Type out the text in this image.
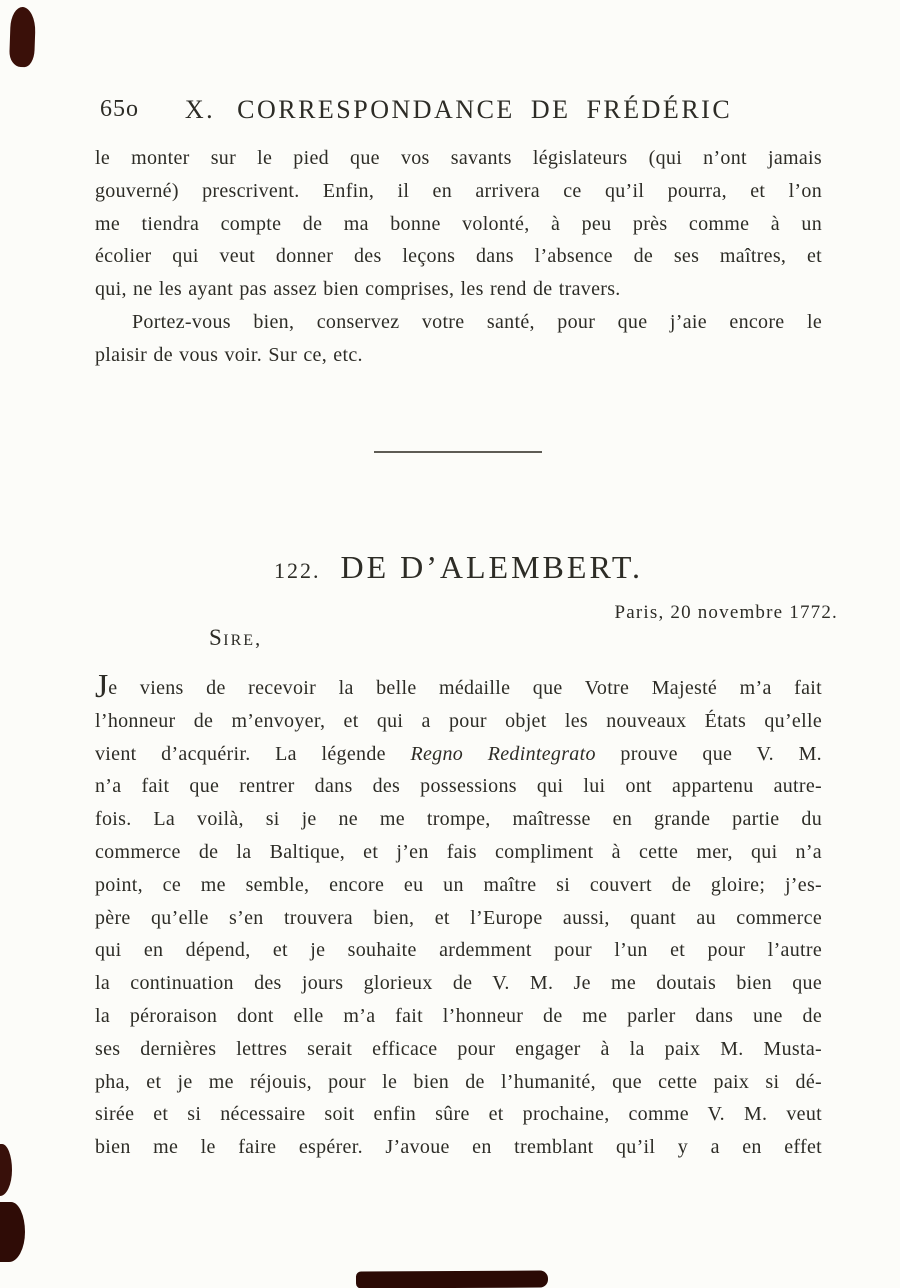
65o	X. CORRESPONDANCE DE FRÉDÉRIC
le monter sur le pied que vos savants législateurs (qui n’ont jamais
gouverné) prescrivent. Enfin, il en arrivera ce qu’il pourra, et l’on
me tiendra compte de ma bonne volonté, à peu près comme à un
écolier qui veut donner des leçons dans l’absence de ses maîtres, et
qui, ne les ayant pas assez bien comprises, les rend de travers.
Portez-vous bien, conservez votre santé, pour que j’aie encore le
plaisir de vous voir. Sur ce, etc.
122. DE D’ALEMBERT.
Paris, 20 novembre 1772.
SIRE,
Je viens de recevoir la belle médaille que Votre Majesté m’a fait
l’honneur de m’envoyer, et qui a pour objet les nouveaux États qu’elle
vient d’acquérir. La légende Regno Redintegrato prouve que V. M.
n’a fait que rentrer dans des possessions qui lui ont appartenu autre-
fois. La voilà, si je ne me trompe, maîtresse en grande partie du
commerce de la Baltique, et j’en fais compliment à cette mer, qui n’a
point, ce me semble, encore eu un maître si couvert de gloire; j’es-
père qu’elle s’en trouvera bien, et l’Europe aussi, quant au commerce
qui en dépend, et je souhaite ardemment pour l’un et pour l’autre
la continuation des jours glorieux de V. M. Je me doutais bien que
la péroraison dont elle m’a fait l’honneur de me parler dans une de
ses dernières lettres serait efficace pour engager à la paix M. Musta-
pha, et je me réjouis, pour le bien de l’humanité, que cette paix si dé-
sirée et si nécessaire soit enfin sûre et prochaine, comme V. M. veut
bien me le faire espérer. J’avoue en tremblant qu’il y a en effet
